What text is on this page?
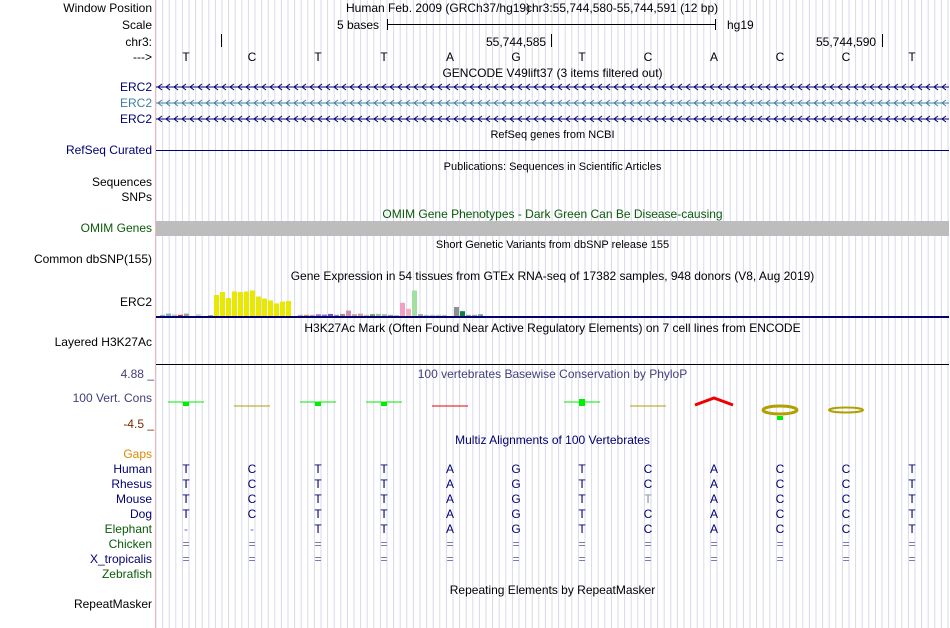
Window Position
Scale
chr3:
--->
Human Feb. 2009 (GRCh37/hg19)
chr3:55,744,580-55,744,591 (12 bp)
5 bases	hg19
55,744,585	55,744,590
T	C	T	T	A	G	T	C	A	C	C	T
GENCODE V49lift37 (3 items filtered out)
ERC2
ERC2
ERC2
RefSeq genes from NCBI
RefSeq Curated
Publications: Sequences in Scientific Articles
Sequences
SNPs
OMIM Gene Phenotypes - Dark Green Can Be Disease-causing
OMIM Genes
Short Genetic Variants from dbSNP release 155
Common dbSNP(155)
Gene Expression in 54 tissues from GTEx RNA-seq of 17382 samples, 948 donors (V8, Aug 2019)
ERC2
H3K27Ac Mark (Often Found Near Active Regulatory Elements) on 7 cell lines from ENCODE
Layered H3K27Ac
100 vertebrates Basewise Conservation by PhyloP
100 Vert. Cons
4.88 _
-4.5 _
Multiz Alignments of 100 Vertebrates
Gaps
Human	T	C	T	T	A	G	T	C	A	C	C	T
Rhesus	T	C	T	T	A	G	T	C	A	C	C	T
Mouse	T	C	T	T	A	G	T	T	A	C	C	T
Dog	T	C	T	T	A	G	T	C	A	C	C	T
Elephant	-	-	T	T	A	G	T	C	A	C	C	T
Chicken	=	=	=	=	=	=	=	=	=	=	=	=
X_tropicalis	=	=	=	=	=	=	=	=	=	=	=	=
Zebrafish
Repeating Elements by RepeatMasker
RepeatMasker
